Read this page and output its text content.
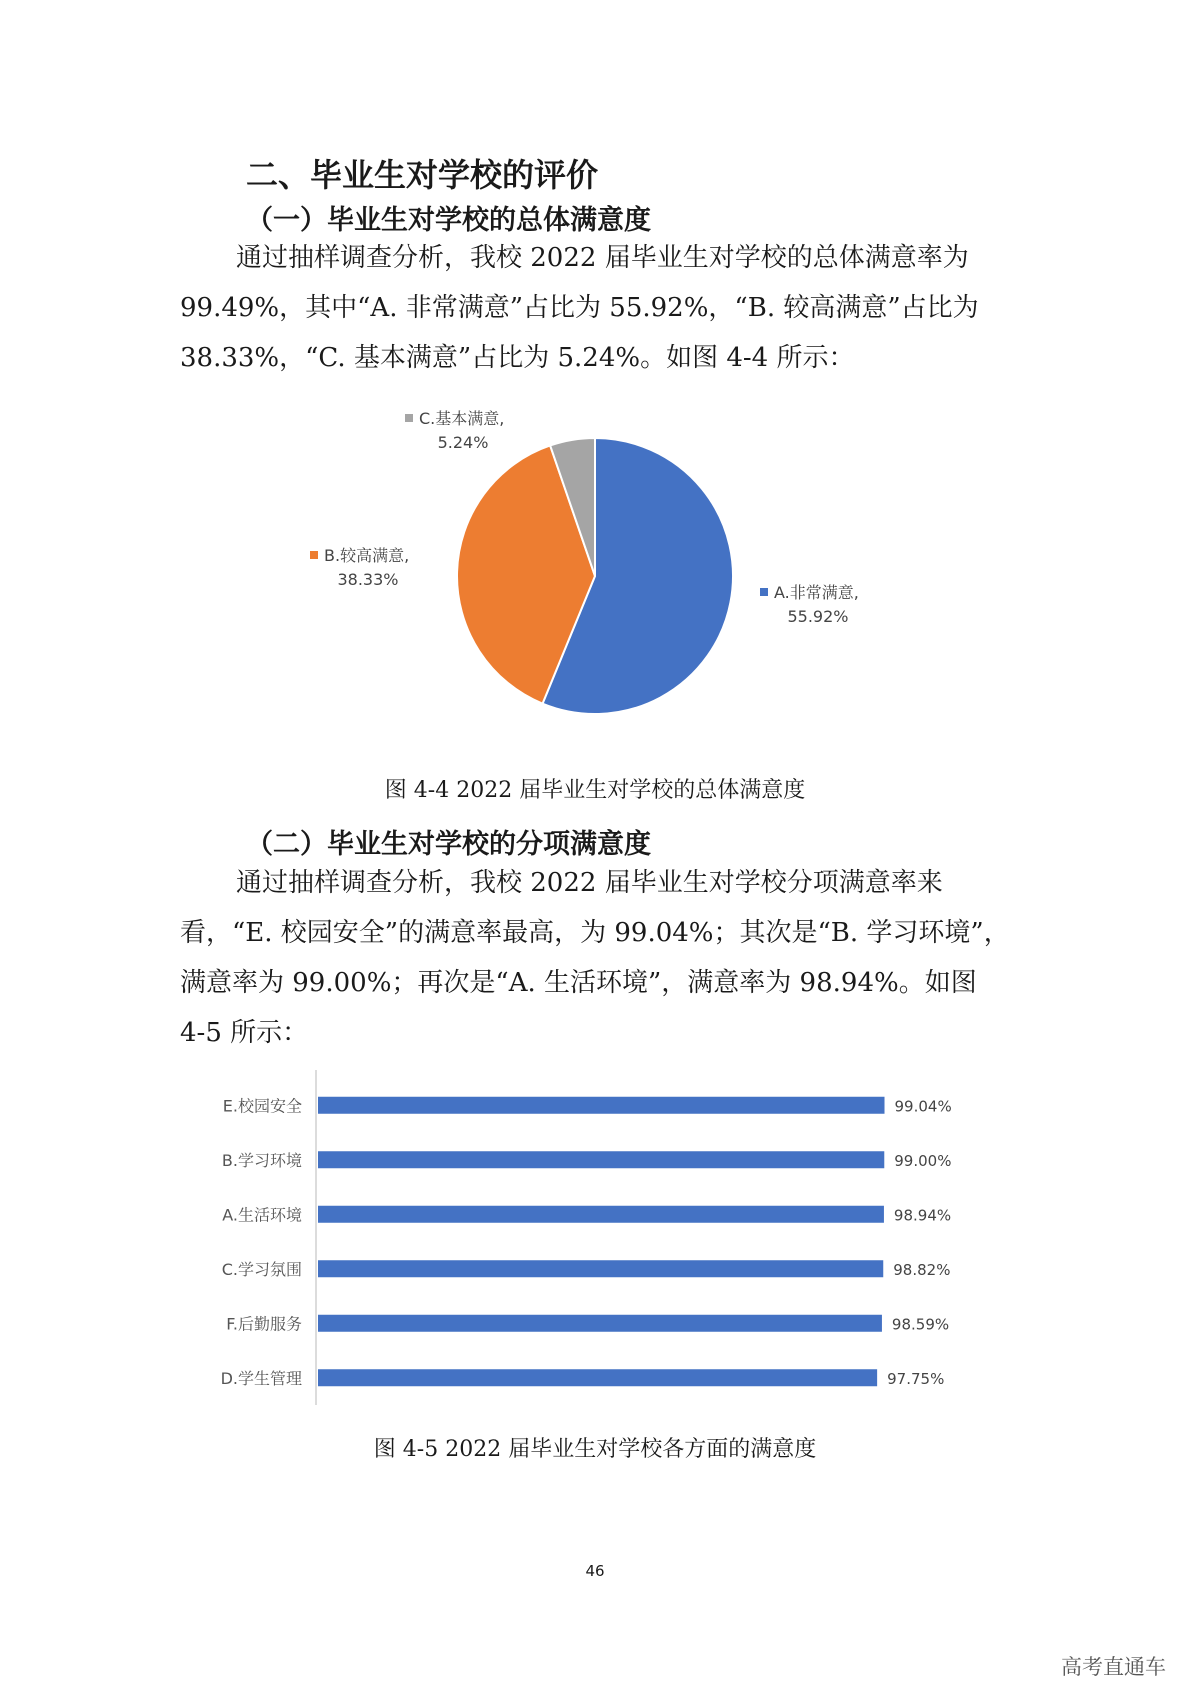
二、毕业生对学校的评价
（一）毕业生对学校的总体满意度

通过抽样调查分析，我校 2022 届毕业生对学校的总体满意率为 99.49%，其中“A. 非常满意”占比为 55.92%，“B. 较高满意”占比为 38.33%，“C. 基本满意”占比为 5.24%。如图 4-4 所示：

A.非常满意,
55.92%
B.较高满意,
38.33%
C.基本满意,
5.24%
图 4-4 2022 届毕业生对学校的总体满意度
（二）毕业生对学校的分项满意度

通过抽样调查分析，我校 2022 届毕业生对学校分项满意率来看，“E. 校园安全”的满意率最高，为 99.04%；其次是“B. 学习环境”，满意率为 99.00%；再次是“A. 生活环境”，满意率为 98.94%。如图 4-5 所示：

E.校园安全	99.04%
B.学习环境	99.00%
A.生活环境	98.94%
C.学习氛围	98.82%
F.后勤服务	98.59%
D.学生管理	97.75%
图 4-5 2022 届毕业生对学校各方面的满意度
46
高考直通车
